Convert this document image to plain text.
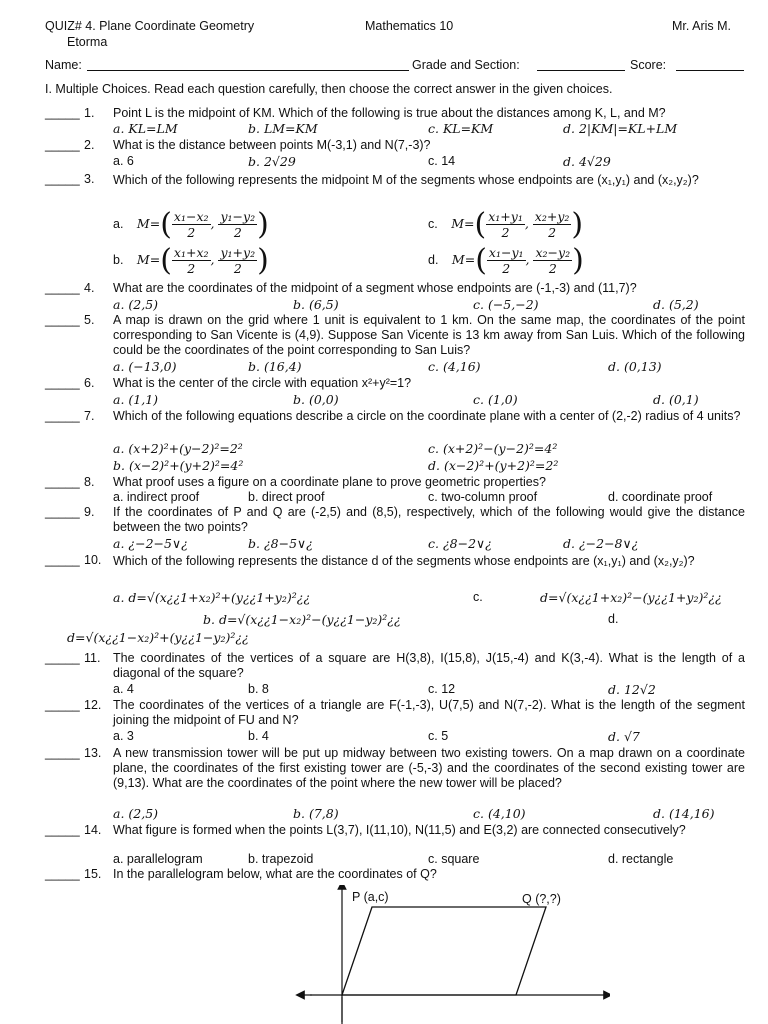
QUIZ# 4. Plane Coordinate Geometry	Mathematics 10	Mr. Aris M.
Etorma
Name:	Grade and Section:	Score:
I. Multiple Choices. Read each question carefully, then choose the correct answer in the given choices.
_____ 1. Point L is the midpoint of KM. Which of the following is true about the distances among K, L, and M?
a. KL=LM	b. LM=KM	c. KL=KM	d. 2|KM|=KL+LM
_____ 2. What is the distance between points M(-3,1) and N(7,-3)?
a. 6	b. 2√29	c. 14	d. 4√29
_____ 3. Which of the following represents the midpoint M of the segments whose endpoints are (x₁,y₁) and (x₂,y₂)?
a. $M=( \frac{\text{x₁−x₂}}{2}$ , $\frac{\text{y₁−y₂}}{2}$ )	c. $M=( \frac{\text{x₁+y₁}}{2}$ , $\frac{\text{x₂+y₂}}{2}$ )
b. $M=( \frac{\text{x₁+x₂}}{2}$ , $\frac{\text{y₁+y₂}}{2}$ )	d. $M=( \frac{\text{x₁−y₁}}{2}$ , $\frac{\text{x₂−y₂}}{2}$ )
_____ 4. What are the coordinates of the midpoint of a segment whose endpoints are (-1,-3) and (11,7)?
a. (2,5)	b. (6,5)	c. (−5,−2)	d. (5,2)
_____ 5. A map is drawn on the grid where 1 unit is equivalent to 1 km. On the same map, the coordinates of the point corresponding to San Vicente is (4,9). Suppose San Vicente is 13 km away from San Luis. Which of the following could be the coordinates of the point corresponding to San Luis?
a. (−13,0)	b. (16,4)	c. (4,16)	d. (0,13)
_____ 6. What is the center of the circle with equation x²+y²=1?
a. (1,1)	b. (0,0)	c. (1,0)	d. (0,1)
_____ 7. Which of the following equations describe a circle on the coordinate plane with a center of (2,-2) radius of 4 units?
a. (x+2)²+(y−2)²=2²	c. (x+2)²−(y−2)²=4²
b. (x−2)²+(y+2)²=4²	d. (x−2)²+(y+2)²=2²
_____ 8. What proof uses a figure on a coordinate plane to prove geometric properties?
a. indirect proof	b. direct proof	c. two-column proof	d. coordinate proof
_____ 9. If the coordinates of P and Q are (-2,5) and (8,5), respectively, which of the following would give the distance between the two points?
a. ¿−2−5∨¿	b. ¿8−5∨¿	c. ¿8−2∨¿	d. ¿−2−8∨¿
_____ 10. Which of the following represents the distance d of the segments whose endpoints are (x₁,y₁) and (x₂,y₂)?
a. d=√(x¿¿1+x₂)²+(y¿¿1+y₂)²¿¿	c.	d=√(x¿¿1+x₂)²−(y¿¿1+y₂)²¿¿
b. d=√(x¿¿1−x₂)²−(y¿¿1−y₂)²¿¿	d.
d=√(x¿¿1−x₂)²+(y¿¿1−y₂)²¿¿
_____ 11. The coordinates of the vertices of a square are H(3,8), I(15,8), J(15,-4) and K(3,-4). What is the length of a diagonal of the square?
a. 4	b. 8	c. 12	d. 12√2
_____ 12. The coordinates of the vertices of a triangle are F(-1,-3), U(7,5) and N(7,-2). What is the length of the segment joining the midpoint of FU and N?
a. 3	b. 4	c. 5	d. √7
_____ 13. A new transmission tower will be put up midway between two existing towers. On a map drawn on a coordinate plane, the coordinates of the first existing tower are (-5,-3) and the coordinates of the second existing tower are (9,13). What are the coordinates of the point where the new tower will be placed?
a. (2,5)	b. (7,8)	c. (4,10)	d. (14,16)
_____ 14. What figure is formed when the points L(3,7), I(11,10), N(11,5) and E(3,2) are connected consecutively?
a. parallelogram	b. trapezoid	c. square	d. rectangle
_____ 15. In the parallelogram below, what are the coordinates of Q?
P (a,c)	Q (?,?)
